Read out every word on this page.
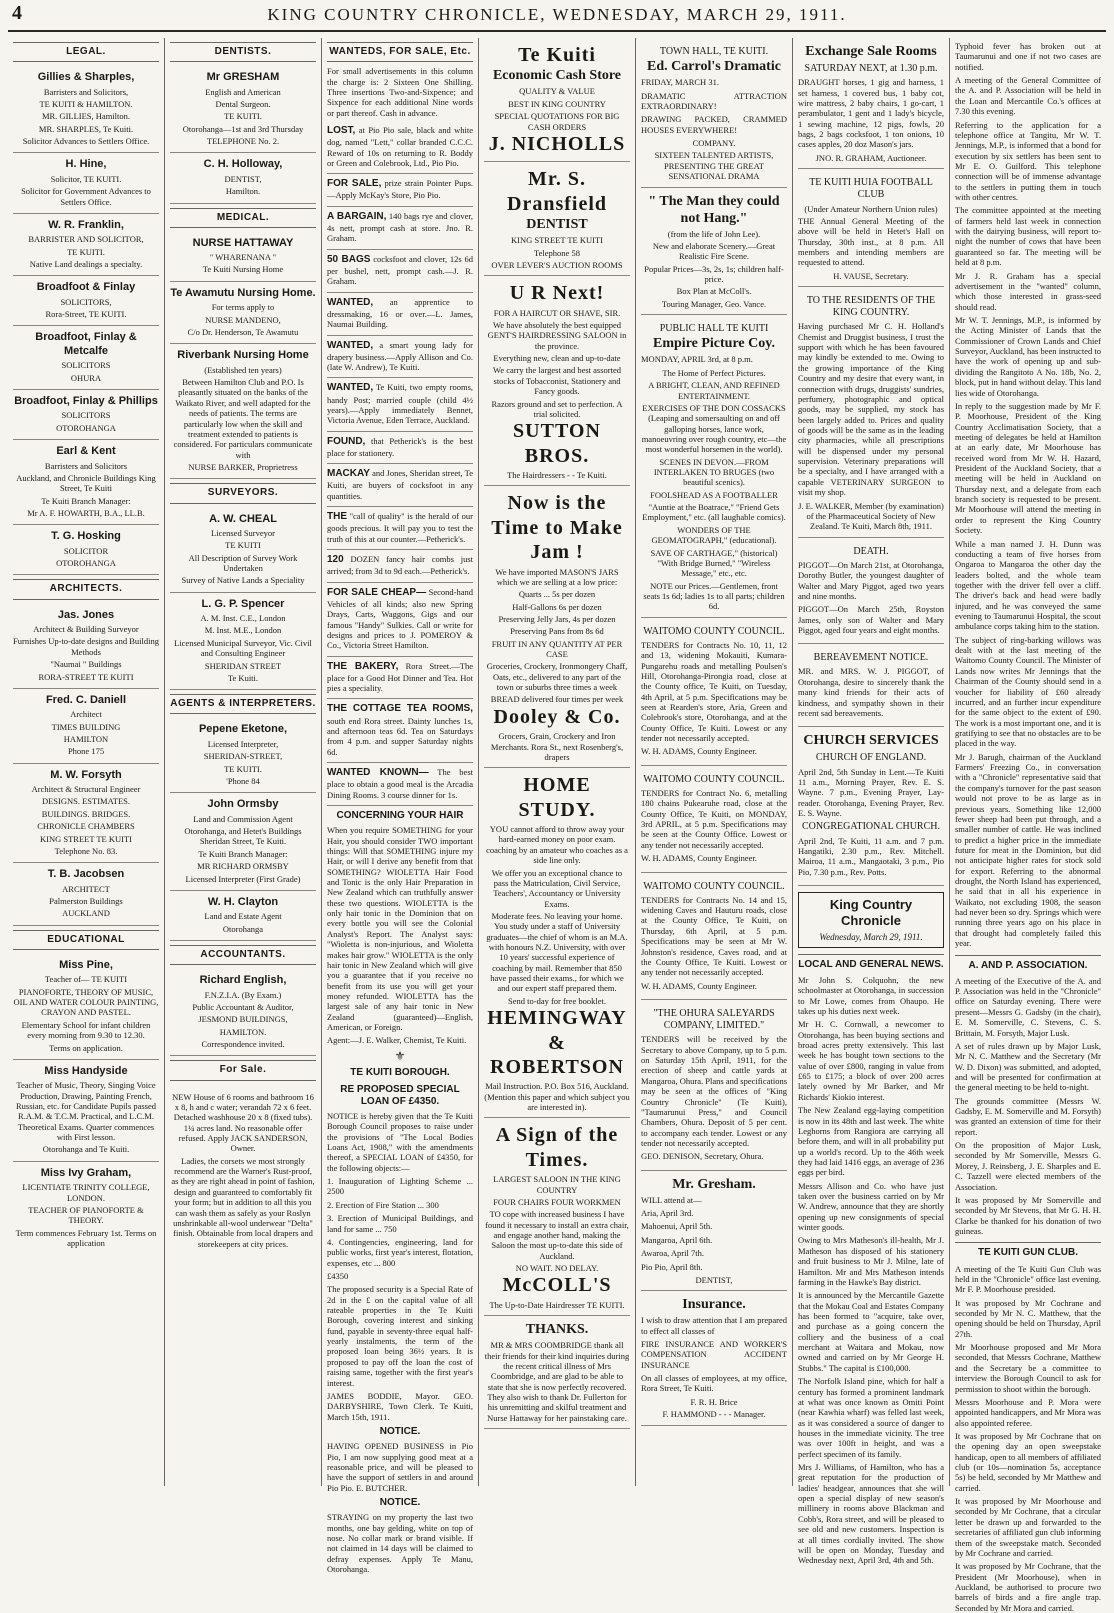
4	KING COUNTRY CHRONICLE, WEDNESDAY, MARCH 29, 1911.
LEGAL.
Gillies & Sharples,
Barristers and Solicitors,
TE KUITI & HAMILTON.
MR. GILLIES, Hamilton.
MR. SHARPLES, Te Kuiti.
Solicitor Advances to Settlers Office.
H. Hine,
Solicitor, TE KUITI.
Solicitor for Government Advances to Settlers Office.
W. R. Franklin,
BARRISTER AND SOLICITOR,
TE KUITI.
Native Land dealings a specialty.
Broadfoot & Finlay
SOLICITORS,
Rora-Street, TE KUITI.
Broadfoot, Finlay & Metcalfe
SOLICITORS
OHURA
Broadfoot, Finlay & Phillips
SOLICITORS
OTOROHANGA
Earl & Kent
Barristers and Solicitors
Auckland, and Chronicle Buildings King Street, Te Kuiti
Te Kuiti Branch Manager:
Mr A. F. HOWARTH, B.A., LL.B.
T. G. Hosking
SOLICITOR
OTOROHANGA
ARCHITECTS.
Jas. Jones
Architect & Building Surveyor
Furnishes Up-to-date designs and Building Methods
"Naumai " Buildings
RORA-STREET TE KUITI
Fred. C. Daniell
Architect
TIMES BUILDING
HAMILTON
Phone 175
M. W. Forsyth
Architect & Structural Engineer
DESIGNS. ESTIMATES.
BUILDINGS. BRIDGES.
CHRONICLE CHAMBERS
KING STREET TE KUITI
Telephone No. 83.
T. B. Jacobsen
ARCHITECT
Palmerston Buildings
AUCKLAND
EDUCATIONAL
Miss Pine,
Teacher of— TE KUITI
PIANOFORTE, THEORY OF MUSIC, OIL AND WATER COLOUR PAINTING, CRAYON AND PASTEL.
Elementary School for infant children every morning from 9.30 to 12.30.
Terms on application.
Miss Handyside
Teacher of Music, Theory, Singing Voice Production, Drawing, Painting French, Russian, etc. for Candidate Pupils passed R.A.M. & T.C.M. Practical, and L.C.M. Theoretical Exams. Quarter commences with First lesson.
Otorohanga and Te Kuiti.
Miss Ivy Graham,
LICENTIATE TRINITY COLLEGE, LONDON.
TEACHER OF PIANOFORTE & THEORY.
Term commences February 1st. Terms on application
DENTISTS.
Mr GRESHAM
English and American
Dental Surgeon.
TE KUITI.
Otorohanga—1st and 3rd Thursday
TELEPHONE No. 2.
C. H. Holloway,
DENTIST,
Hamilton.
MEDICAL.
NURSE HATTAWAY
" WHARENANA "
Te Kuiti Nursing Home
Te Awamutu Nursing Home.
For terms apply to
NURSE MANDENO,
C/o Dr. Henderson, Te Awamutu
Riverbank Nursing Home
(Established ten years)
Between Hamilton Club and P.O. Is pleasantly situated on the banks of the Waikato River, and well adapted for the needs of patients. The terms are particularly low when the skill and treatment extended to patients is considered. For particulars communicate with
NURSE BARKER, Proprietress
SURVEYORS.
A. W. CHEAL
Licensed Surveyor
TE KUITI
All Description of Survey Work Undertaken
Survey of Native Lands a Speciality
L. G. P. Spencer
A. M. Inst. C.E., London
M. Inst. M.E., London
Licensed Municipal Surveyor, Vic. Civil and Consulting Engineer
SHERIDAN STREET
Te Kuiti.
AGENTS & INTERPRETERS.
Pepene Eketone,
Licensed Interpreter,
SHERIDAN-STREET,
TE KUITI.
'Phone 84
John Ormsby
Land and Commission Agent
Otorohanga, and Hetet's Buildings Sheridan Street, Te Kuiti.
Te Kuiti Branch Manager:
MR RICHARD ORMSBY
Licensed Interpreter (First Grade)
W. H. Clayton
Land and Estate Agent
Otorohanga
ACCOUNTANTS.
Richard English,
F.N.Z.I.A. (By Exam.)
Public Accountant & Auditor,
JESMOND BUILDINGS,
HAMILTON.
Correspondence invited.
For Sale.
NEW House of 6 rooms and bathroom 16 x 8, h and c water; verandah 72 x 6 feet. Detached washhouse 20 x 8 (fixed tubs). 1¼ acres land. No reasonable offer refused. Apply JACK SANDERSON, Owner.
Ladies, the corsets we most strongly recommend are the Warner's Rust-proof, as they are right ahead in point of fashion, design and guaranteed to comfortably fit your form; but in addition to all this you can wash them as safely as your Roslyn unshrinkable all-wool underwear "Delta" finish. Obtainable from local drapers and storekeepers at city prices.
WANTEDS, FOR SALE, Etc.
For small advertisements in this column the charge is: 2 Sixteen One Shilling. Three insertions Two-and-Sixpence; and Sixpence for each additional Nine words or part thereof. Cash in advance.
LOST, at Pio Pio sale, black and white dog, named "Lett," collar branded C.C.C. Reward of 10s on returning to R. Boddy or Green and Colebrook, Ltd., Pio Pio.
FOR SALE, prize strain Pointer Pups.—Apply McKay's Store, Pio Pio.
A BARGAIN, 140 bags rye and clover, 4s nett, prompt cash at store. Jno. R. Graham.
50 BAGS cocksfoot and clover, 12s 6d per bushel, nett, prompt cash.—J. R. Graham.
WANTED, an apprentice to dressmaking, 16 or over.—L. James, Naumai Building.
WANTED, a smart young lady for drapery business.—Apply Allison and Co. (late W. Andrew), Te Kuiti.
WANTED, Te Kuiti, two empty rooms, handy Post; married couple (child 4½ years).—Apply immediately Bennet, Victoria Avenue, Eden Terrace, Auckland.
FOUND, that Petherick's is the best place for stationery.
MACKAY and Jones, Sheridan street, Te Kuiti, are buyers of cocksfoot in any quantities.
THE "call of quality" is the herald of our goods precious. It will pay you to test the truth of this at our counter.—Petherick's.
120 DOZEN fancy hair combs just arrived; from 3d to 9d each.—Petherick's.
FOR SALE CHEAP— Second-hand Vehicles of all kinds; also new Spring Drays, Carts, Waggons, Gigs and our famous "Handy" Sulkies. Call or write for designs and prices to J. POMEROY & Co., Victoria Street Hamilton.
THE BAKERY, Rora Street.—The place for a Good Hot Dinner and Tea. Hot pies a speciality.
THE COTTAGE TEA ROOMS, south end Rora street. Dainty lunches 1s, and afternoon teas 6d. Tea on Saturdays from 4 p.m. and supper Saturday nights 6d.
WANTED KNOWN— The best place to obtain a good meal is the Arcadia Dining Rooms. 3 course dinner for 1s.
CONCERNING YOUR HAIR
When you require SOMETHING for your Hair, you should consider TWO important things: Will that SOMETHING injure my Hair, or will I derive any benefit from that SOMETHING? WIOLETTA Hair Food and Tonic is the only Hair Preparation in New Zealand which can truthfully answer these two questions. WIOLETTA is the only hair tonic in the Dominion that on every bottle you will see the Colonial Analyst's Report. The Analyst says: "Wioletta is non-injurious, and Wioletta makes hair grow." WIOLETTA is the only hair tonic in New Zealand which will give you a guarantee that if you receive no benefit from its use you will get your money refunded. WIOLETTA has the largest sale of any hair tonic in New Zealand (guaranteed)—English, American, or Foreign.
Agent:—J. E. Walker, Chemist, Te Kuiti.
⚜
TE KUITI BOROUGH.
RE PROPOSED SPECIAL LOAN OF £4350.
NOTICE is hereby given that the Te Kuiti Borough Council proposes to raise under the provisions of "The Local Bodies Loans Act, 1908," with the amendments thereof, a SPECIAL LOAN of £4350, for the following objects:—
1. Inauguration of Lighting Scheme ... 2500
2. Erection of Fire Station ... 300
3. Erection of Municipal Buildings, and land for same ... 750
4. Contingencies, engineering, land for public works, first year's interest, flotation, expenses, etc ... 800
£4350
The proposed security is a Special Rate of 2d in the £ on the capital value of all rateable properties in the Te Kuiti Borough, covering interest and sinking fund, payable in seventy-three equal half-yearly instalments, the term of the proposed loan being 36½ years. It is proposed to pay off the loan the cost of raising same, together with the first year's interest.
JAMES BODDIE, Mayor. GEO. DARBYSHIRE, Town Clerk. Te Kuiti, March 15th, 1911.
NOTICE.
HAVING OPENED BUSINESS in Pio Pio, I am now supplying good meat at a reasonable price, and will be pleased to have the support of settlers in and around Pio Pio. E. BUTCHER.
NOTICE.
STRAYING on my property the last two months, one bay gelding, white on top of nose. No collar mark or brand visible. If not claimed in 14 days will be claimed to defray expenses. Apply Te Manu, Otorohanga.
Te Kuiti
Economic Cash Store
QUALITY & VALUE
BEST IN KING COUNTRY
SPECIAL QUOTATIONS FOR BIG CASH ORDERS
J. NICHOLLS
Mr. S. Dransfield
DENTIST
KING STREET TE KUITI
Telephone 58
OVER LEVER'S AUCTION ROOMS
U R Next!
FOR A HAIRCUT OR SHAVE, SIR.
We have absolutely the best equipped GENT'S HAIRDRESSING SALOON in the province.
Everything new, clean and up-to-date
We carry the largest and best assorted stocks of Tobacconist, Stationery and Fancy goods.
Razors ground and set to perfection. A trial solicited.
SUTTON BROS.
The Hairdressers - - Te Kuiti.
Now is the Time to Make Jam !
We have imported MASON'S JARS which we are selling at a low price:
Quarts ... 5s per dozen
Half-Gallons 6s per dozen
Preserving Jelly Jars, 4s per dozen
Preserving Pans from 8s 6d
FRUIT IN ANY QUANTITY AT PER CASE
Groceries, Crockery, Ironmongery Chaff, Oats, etc., delivered to any part of the town or suburbs three times a week
BREAD delivered four times per week
Dooley & Co.
Grocers, Grain, Crockery and Iron Merchants. Rora St., next Rosenberg's, drapers
HOME STUDY.
YOU cannot afford to throw away your hard-earned money on poor exam. coaching by an amateur who coaches as a side line only.
We offer you an exceptional chance to pass the Matriculation, Civil Service, Teachers', Accountancy or University Exams.
Moderate fees. No leaving your home. You study under a staff of University graduates—the chief of whom is an M.A. with honours N.Z. University, with over 10 years' successful experience of coaching by mail. Remember that 850 have passed their exams., for which we and our expert staff prepared them.
Send to-day for free booklet.
HEMINGWAY & ROBERTSON
Mail Instruction. P.O. Box 516, Auckland. (Mention this paper and which subject you are interested in).
A Sign of the Times.
LARGEST SALOON IN THE KING COUNTRY
FOUR CHAIRS FOUR WORKMEN
TO cope with increased business I have found it necessary to install an extra chair, and engage another hand, making the Saloon the most up-to-date this side of Auckland.
NO WAIT. NO DELAY.
McCOLL'S
The Up-to-Date Hairdresser TE KUITI.
THANKS.
MR & MRS COOMBRIDGE thank all their friends for their kind inquiries during the recent critical illness of Mrs Coombridge, and are glad to be able to state that she is now perfectly recovered. They also wish to thank Dr. Fullerton for his unremitting and skilful treatment and Nurse Hattaway for her painstaking care.
TOWN HALL, TE KUITI.
Ed. Carrol's Dramatic
FRIDAY, MARCH 31.
DRAMATIC ATTRACTION EXTRAORDINARY!
DRAWING PACKED, CRAMMED HOUSES EVERYWHERE!
COMPANY.
SIXTEEN TALENTED ARTISTS, PRESENTING THE GREAT SENSATIONAL DRAMA
" The Man they could not Hang."
(from the life of John Lee).
New and elaborate Scenery.—Great Realistic Fire Scene.
Popular Prices—3s, 2s, 1s; children half-price.
Box Plan at McColl's.
Touring Manager, Geo. Vance.
PUBLIC HALL TE KUITI
Empire Picture Coy.
MONDAY, APRIL 3rd, at 8 p.m.
The Home of Perfect Pictures.
A BRIGHT, CLEAN, AND REFINED ENTERTAINMENT.
EXERCISES OF THE DON COSSACKS (Leaping and somersaulting on and off galloping horses, lance work, manoeuvring over rough country, etc—the most wonderful horsemen in the world).
SCENES IN DEVON.—FROM INTERLAKEN TO BRUGES (two beautiful scenics).
FOOLSHEAD AS A FOOTBALLER
"Auntie at the Boatrace," "Friend Gets Employment," etc. (all laughable comics).
WONDERS OF THE GEOMATOGRAPH," (educational).
SAVE OF CARTHAGE," (historical) "With Bridge Burned," "Wireless Message," etc., etc.
NOTE our Prices.—Gentlemen, front seats 1s 6d; ladies 1s to all parts; children 6d.
WAITOMO COUNTY COUNCIL.
TENDERS for Contracts No. 10, 11, 12 and 13, widening Mokauiti, Kumara-Pungarehu roads and metalling Poulsen's Hill, Otorohanga-Pirongia road, close at the County office, Te Kuiti, on Tuesday, 4th April, at 5 p.m. Specifications may be seen at Rearden's store, Aria, Green and Colebrook's store, Otorohanga, and at the County Office, Te Kuiti. Lowest or any tender not necessarily accepted.
W. H. ADAMS, County Engineer.
WAITOMO COUNTY COUNCIL.
TENDERS for Contract No. 6, metalling 180 chains Pukearuhe road, close at the County Office, Te Kuiti, on MONDAY, 3rd APRIL, at 5 p.m. Specifications may be seen at the County Office. Lowest or any tender not necessarily accepted.
W. H. ADAMS, County Engineer.
WAITOMO COUNTY COUNCIL.
TENDERS for Contracts No. 14 and 15, widening Caves and Hauturu roads, close at the County Office, Te Kuiti, on Thursday, 6th April, at 5 p.m. Specifications may be seen at Mr W. Johnston's residence, Caves road, and at the County Office, Te Kuiti. Lowest or any tender not necessarily accepted.
W. H. ADAMS, County Engineer.
"THE OHURA SALEYARDS COMPANY, LIMITED."
TENDERS will be received by the Secretary to above Company, up to 5 p.m. on Saturday 15th April, 1911, for the erection of sheep and cattle yards at Mangaroa, Ohura. Plans and specifications may be seen at the offices of "King Country Chronicle" (Te Kuiti), "Taumarunui Press," and Council Chambers, Ohura. Deposit of 5 per cent. to accompany each tender. Lowest or any tender not necessarily accepted.
GEO. DENISON, Secretary, Ohura.
Mr. Gresham.
WILL attend at—
Aria, April 3rd.
Mahoenui, April 5th.
Mangaroa, April 6th.
Awaroa, April 7th.
Pio Pio, April 8th.
DENTIST,
Insurance.
I wish to draw attention that I am prepared to effect all classes of
FIRE INSURANCE AND WORKER'S COMPENSATION ACCIDENT INSURANCE
On all classes of employees, at my office, Rora Street, Te Kuiti.
F. R. H. Brice
F. HAMMOND - - - Manager.
Exchange Sale Rooms
SATURDAY NEXT, at 1.30 p.m.
DRAUGHT horses, 1 gig and harness, 1 set harness, 1 covered bus, 1 baby cot, wire mattress, 2 baby chairs, 1 go-cart, 1 perambulator, 1 gent and 1 lady's bicycle, 1 sewing machine, 12 pigs, fowls, 20 bags, 2 bags cocksfoot, 1 ton onions, 10 cases apples, 20 doz Mason's jars.
JNO. R. GRAHAM, Auctioneer.
TE KUITI HUIA FOOTBALL CLUB
(Under Amateur Northern Union rules)
THE Annual General Meeting of the above will be held in Hetet's Hall on Thursday, 30th inst., at 8 p.m. All members and intending members are requested to attend.
H. VAUSE, Secretary.
TO THE RESIDENTS OF THE KING COUNTRY.
Having purchased Mr C. H. Holland's Chemist and Druggist business, I trust the support with which he has been favoured may kindly be extended to me. Owing to the growing importance of the King Country and my desire that every want, in connection with drugs, druggists' sundries, perfumery, photographic and optical goods, may be supplied, my stock has been largely added to. Prices and quality of goods will be the same as in the leading city pharmacies, while all prescriptions will be dispensed under my personal supervision. Veterinary preparations will be a specialty, and I have arranged with a capable VETERINARY SURGEON to visit my shop.
J. E. WALKER, Member (by examination) of the Pharmaceutical Society of New Zealand. Te Kuiti, March 8th, 1911.
DEATH.
PIGGOT—On March 21st, at Otorohanga, Dorothy Butler, the youngest daughter of Walter and Mary Piggot, aged two years and nine months.
PIGGOT—On March 25th, Royston James, only son of Walter and Mary Piggot, aged four years and eight months.
BEREAVEMENT NOTICE.
MR. and MRS. W. J. PIGGOT, of Otorohanga, desire to sincerely thank the many kind friends for their acts of kindness, and sympathy shown in their recent sad bereavements.
CHURCH SERVICES
CHURCH OF ENGLAND.
April 2nd, 5th Sunday in Lent.—Te Kuiti 11 a.m., Morning Prayer, Rev. E. S. Wayne. 7 p.m., Evening Prayer, Lay-reader. Otorohanga, Evening Prayer, Rev. E. S. Wayne.
CONGREGATIONAL CHURCH.
April 2nd, Te Kuiti, 11 a.m. and 7 p.m. Hangatiki, 2.30 p.m., Rev. Mitchell. Mairoa, 11 a.m., Mangaotaki, 3 p.m., Pio Pio, 7.30 p.m., Rev. Potts.
King Country Chronicle
Wednesday, March 29, 1911.
LOCAL AND GENERAL NEWS.
Mr John S. Colquohn, the new schoolmaster at Otorohanga, in succession to Mr Lowe, comes from Ohaupo. He takes up his duties next week.
Mr H. C. Cornwall, a newcomer to Otorohanga, has been buying sections and broad acres pretty extensively. This last week he has bought town sections to the value of over £800, ranging in value from £65 to £175; a block of over 200 acres lately owned by Mr Barker, and Mr Richards' Kiokio interest.
The New Zealand egg-laying competition is now in its 48th and last week. The white Leghorns from Rangiora are carrying all before them, and will in all probability put up a world's record. Up to the 46th week they had laid 1416 eggs, an average of 236 eggs per bird.
Messrs Allison and Co. who have just taken over the business carried on by Mr W. Andrew, announce that they are shortly opening up new consignments of special winter goods.
Owing to Mrs Matheson's ill-health, Mr J. Matheson has disposed of his stationery and fruit business to Mr J. Milne, late of Hamilton. Mr and Mrs Matheson intends farming in the Hawke's Bay district.
It is announced by the Mercantile Gazette that the Mokau Coal and Estates Company has been formed to "acquire, take over, and purchase as a going concern the colliery and the business of a coal merchant at Waitara and Mokau, now owned and carried on by Mr George H. Stubbs." The capital is £100,000.
The Norfolk Island pine, which for half a century has formed a prominent landmark at what was once known as Omiti Point (near Kawhia wharf) was felled last week, as it was considered a source of danger to houses in the immediate vicinity. The tree was over 100ft in height, and was a perfect specimen of its family.
Mrs J. Williams, of Hamilton, who has a great reputation for the production of ladies' headgear, announces that she will open a special display of new season's millinery in rooms above Blackman and Cobb's, Rora street, and will be pleased to see old and new customers. Inspection is at all times cordially invited. The show will be open on Monday, Tuesday and Wednesday next, April 3rd, 4th and 5th.
Typhoid fever has broken out at Taumarunui and one if not two cases are notified.
A meeting of the General Committee of the A. and P. Association will be held in the Loan and Mercantile Co.'s offices at 7.30 this evening.
Referring to the application for a telephone office at Tangitu, Mr W. T. Jennings, M.P., is informed that a bond for execution by six settlers has been sent to Mr E. O. Guilford. This telephone connection will be of immense advantage to the settlers in putting them in touch with other centres.
The committee appointed at the meeting of farmers held last week in connection with the dairying business, will report to-night the number of cows that have been guaranteed so far. The meeting will be held at 8 p.m.
Mr J. R. Graham has a special advertisement in the "wanted" column, which those interested in grass-seed should read.
Mr W. T. Jennings, M.P., is informed by the Acting Minister of Lands that the Commissioner of Crown Lands and Chief Surveyor, Auckland, has been instructed to have the work of opening up and sub-dividing the Rangitoto A No. 18b, No. 2, block, put in hand without delay. This land lies wide of Otorohanga.
In reply to the suggestion made by Mr F. P. Moorhouse, President of the King Country Acclimatisation Society, that a meeting of delegates be held at Hamilton at an early date, Mr Moorhouse has received word from Mr W. H. Hazard, President of the Auckland Society, that a meeting will be held in Auckland on Thursday next, and a delegate from each branch society is requested to be present. Mr Moorhouse will attend the meeting in order to represent the King Country Society.
While a man named J. H. Dunn was conducting a team of five horses from Ongaroa to Mangaroa the other day the leaders bolted, and the whole team together with the driver fell over a cliff. The driver's back and head were badly injured, and he was conveyed the same evening to Taumarunui Hospital, the scout ambulance corps taking him to the station.
The subject of ring-barking willows was dealt with at the last meeting of the Waitomo County Council. The Minister of Lands now writes Mr Jennings that the Chairman of the County should send in a voucher for liability of £60 already incurred, and an further incur expenditure for the same object to the extent of £90. The work is a most important one, and it is gratifying to see that no obstacles are to be placed in the way.
Mr J. Barugh, chairman of the Auckland Farmers' Freezing Co., in conversation with a "Chronicle" representative said that the company's turnover for the past season would not prove to be as large as in previous years. Something like 12,000 fewer sheep had been put through, and a smaller number of cattle. He was inclined to predict a higher price in the immediate future for meat in the Dominion, but did not anticipate higher rates for stock sold for export. Referring to the abnormal drought, the North Island has experienced, he said that in all his experience in Waikato, not excluding 1908, the season had never been so dry. Springs which were running three years ago on his place in that drought had completely failed this year.
A. AND P. ASSOCIATION.
A meeting of the Executive of the A. and P. Association was held in the "Chronicle" office on Saturday evening. There were present—Messrs G. Gadsby (in the chair), E. M. Somerville, C. Stevens, C. S. Brittain, M. Forsyth, Major Lusk.
A set of rules drawn up by Major Lusk, Mr N. C. Matthew and the Secretary (Mr W. D. Dixon) was submitted, and adopted, and will be presented for confirmation at the general meeting to be held to-night.
The grounds committee (Messrs W. Gadsby, E. M. Somerville and M. Forsyth) was granted an extension of time for their report.
On the proposition of Major Lusk, seconded by Mr Somerville, Messrs G. Morey, J. Reinsberg, J. E. Sharples and E. C. Tazzell were elected members of the Association.
It was proposed by Mr Somerville and seconded by Mr Stevens, that Mr G. H. H. Clarke be thanked for his donation of two guineas.
TE KUITI GUN CLUB.
A meeting of the Te Kuiti Gun Club was held in the "Chronicle" office last evening. Mr F. P. Moorhouse presided.
It was proposed by Mr Cochrane and seconded by Mr N. C. Matthew, that the opening should be held on Thursday, April 27th.
Mr Moorhouse proposed and Mr Mora seconded, that Messrs Cochrane, Matthew and the Secretary be a committee to interview the Borough Council to ask for permission to shoot within the borough.
Messrs Moorhouse and P. Mora were appointed handicappers, and Mr Mora was also appointed referee.
It was proposed by Mr Cochrane that on the opening day an open sweepstake handicap, open to all members of affiliated club (or 10s—nomination 5s, acceptance 5s) be held, seconded by Mr Matthew and carried.
It was proposed by Mr Moorhouse and seconded by Mr Cochrane, that a circular letter be drawn up and forwarded to the secretaries of affiliated gun club informing them of the sweepstake match. Seconded by Mr Cochrane and carried.
It was proposed by Mr Cochrane, that the President (Mr Moorhouse), when in Auckland, be authorised to procure two barrels of birds and a fire angle trap. Seconded by Mr Mora and carried.
